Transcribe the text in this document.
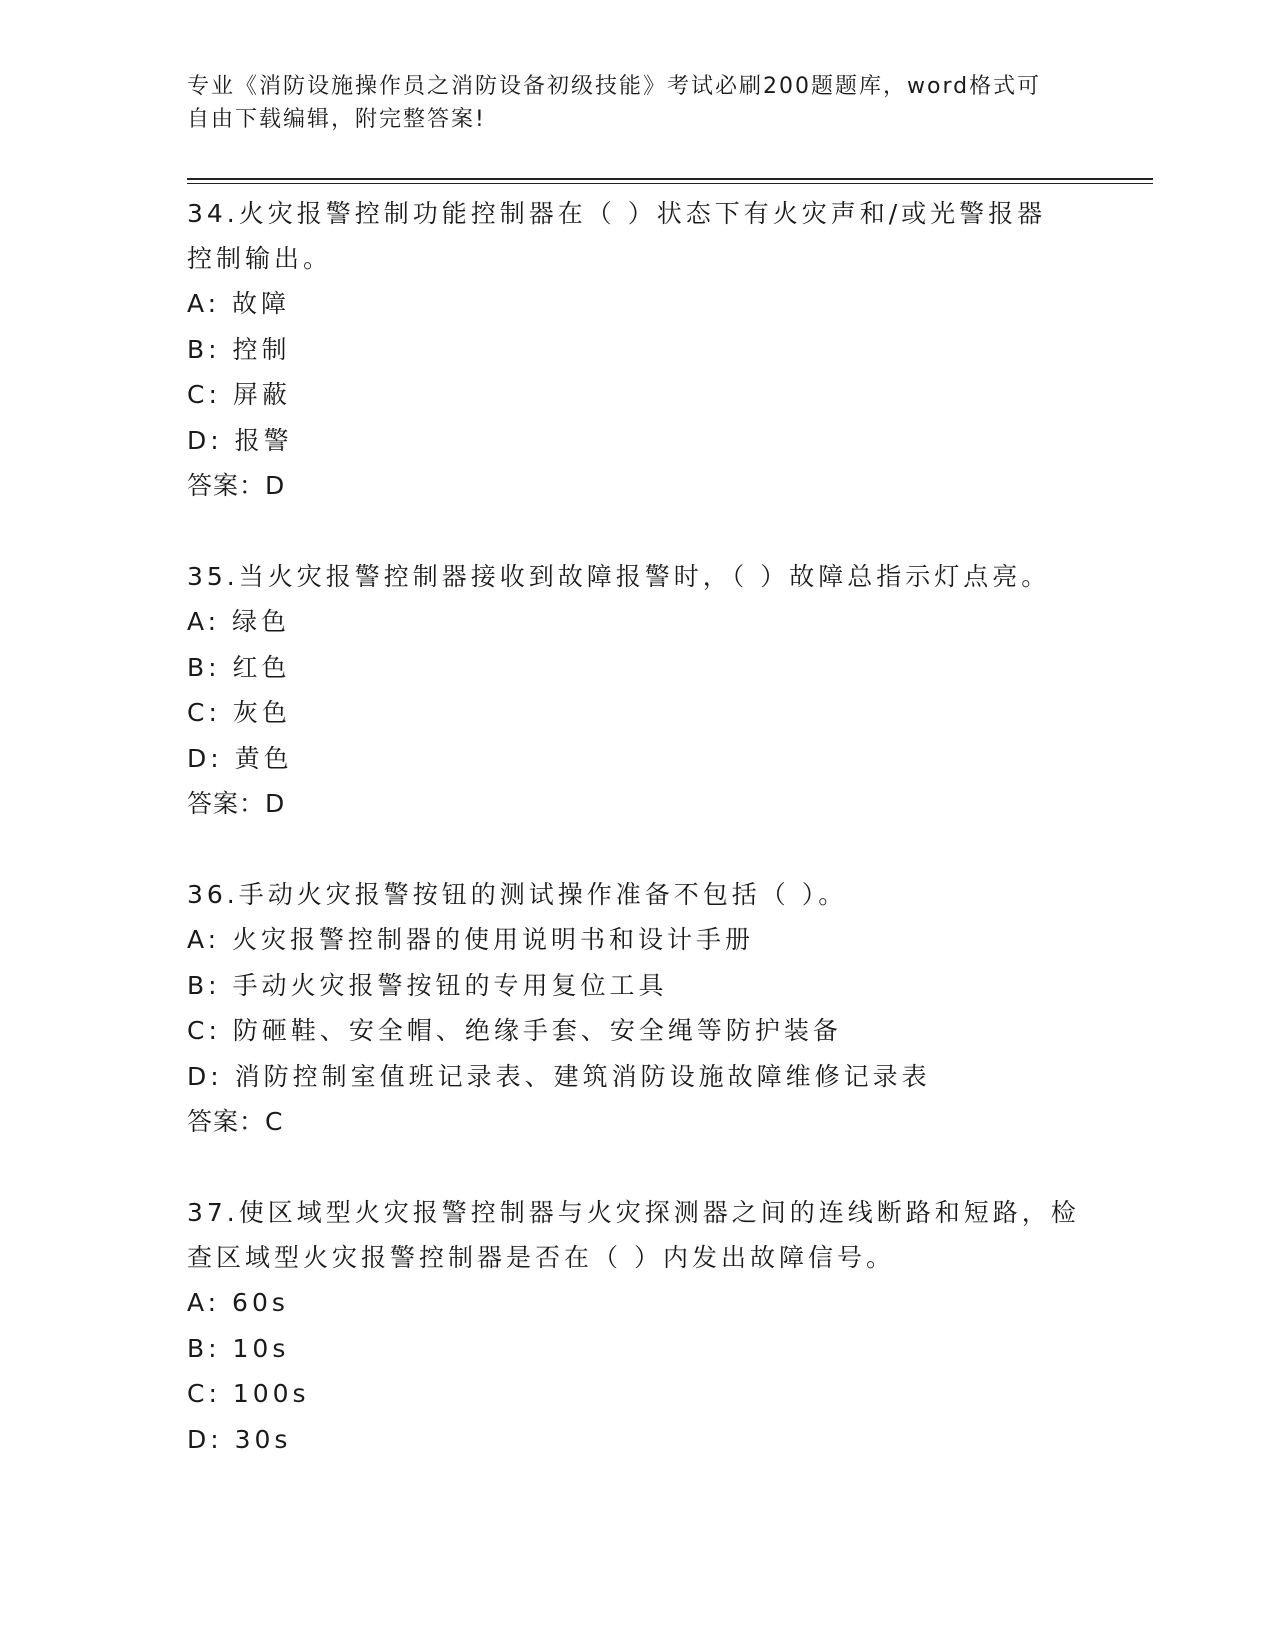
专业《消防设施操作员之消防设备初级技能》考试必刷200题题库，word格式可
自由下载编辑，附完整答案!

34.火灾报警控制功能控制器在（ ）状态下有火灾声和/或光警报器

控制输出。

A: 故障

B: 控制

C: 屏蔽

D: 报警

答案：D

35.当火灾报警控制器接收到故障报警时，（ ）故障总指示灯点亮。

A: 绿色

B: 红色

C: 灰色

D: 黄色

答案：D

36.手动火灾报警按钮的测试操作准备不包括（ ）。

A: 火灾报警控制器的使用说明书和设计手册

B: 手动火灾报警按钮的专用复位工具

C: 防砸鞋、安全帽、绝缘手套、安全绳等防护装备

D: 消防控制室值班记录表、建筑消防设施故障维修记录表

答案：C

37.使区域型火灾报警控制器与火灾探测器之间的连线断路和短路，检

查区域型火灾报警控制器是否在（ ）内发出故障信号。

A: 60s

B: 10s

C: 100s

D: 30s
